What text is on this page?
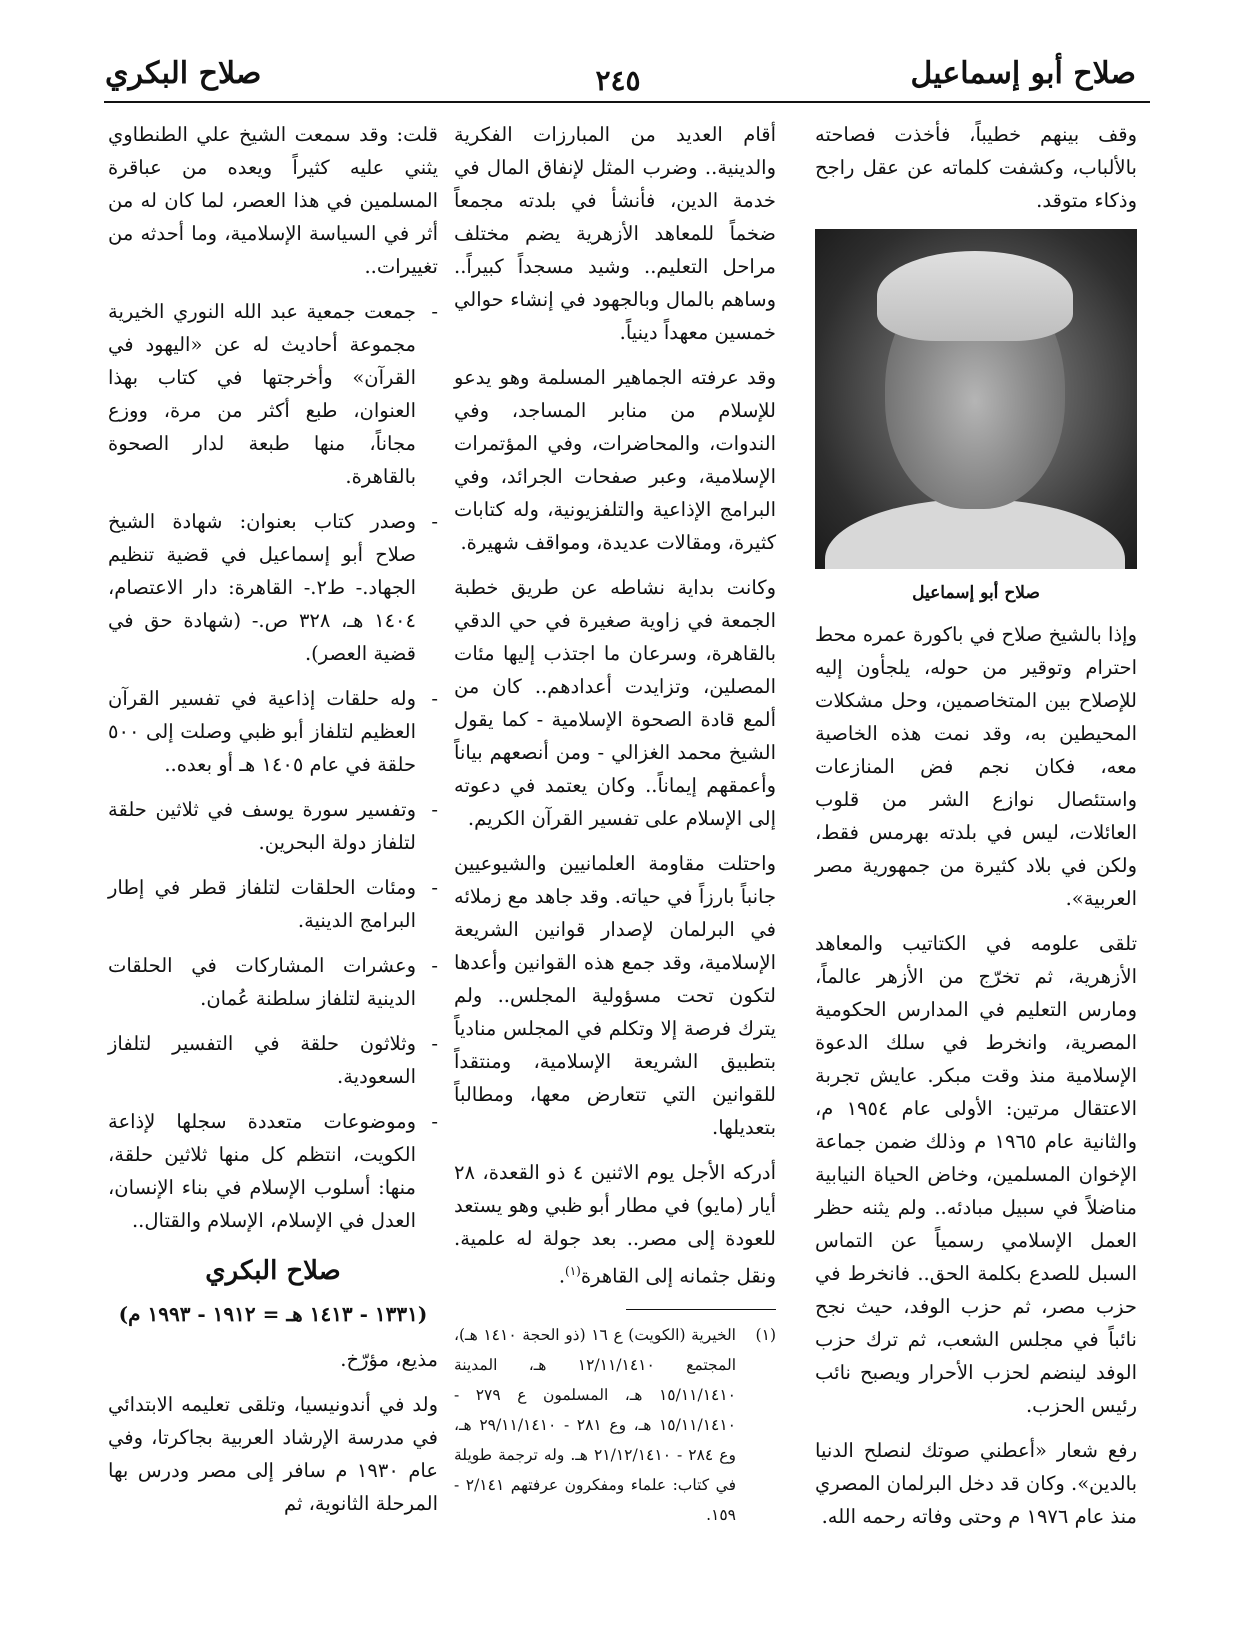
صلاح أبو إسماعيل
٢٤٥
صلاح البكري

وقف بينهم خطيباً، فأخذت فصاحته بالألباب، وكشفت كلماته عن عقل راجح وذكاء متوقد.

صلاح أبو إسماعيل

وإذا بالشيخ صلاح في باكورة عمره محط احترام وتوقير من حوله، يلجأون إليه للإصلاح بين المتخاصمين، وحل مشكلات المحيطين به، وقد نمت هذه الخاصية معه، فكان نجم فض المنازعات واستئصال نوازع الشر من قلوب العائلات، ليس في بلدته بهرمس فقط، ولكن في بلاد كثيرة من جمهورية مصر العربية».

تلقى علومه في الكتاتيب والمعاهد الأزهرية، ثم تخرّج من الأزهر عالماً، ومارس التعليم في المدارس الحكومية المصرية، وانخرط في سلك الدعوة الإسلامية منذ وقت مبكر. عايش تجربة الاعتقال مرتين: الأولى عام ١٩٥٤ م، والثانية عام ١٩٦٥ م وذلك ضمن جماعة الإخوان المسلمين، وخاض الحياة النيابية مناضلاً في سبيل مبادئه.. ولم يثنه حظر العمل الإسلامي رسمياً عن التماس السبل للصدع بكلمة الحق.. فانخرط في حزب مصر، ثم حزب الوفد، حيث نجح نائباً في مجلس الشعب، ثم ترك حزب الوفد لينضم لحزب الأحرار ويصبح نائب رئيس الحزب.

رفع شعار «أعطني صوتك لنصلح الدنيا بالدين». وكان قد دخل البرلمان المصري منذ عام ١٩٧٦ م وحتى وفاته رحمه الله.

أقام العديد من المبارزات الفكرية والدينية.. وضرب المثل لإنفاق المال في خدمة الدين، فأنشأ في بلدته مجمعاً ضخماً للمعاهد الأزهرية يضم مختلف مراحل التعليم.. وشيد مسجداً كبيراً.. وساهم بالمال وبالجهود في إنشاء حوالي خمسين معهداً دينياً.

وقد عرفته الجماهير المسلمة وهو يدعو للإسلام من منابر المساجد، وفي الندوات، والمحاضرات، وفي المؤتمرات الإسلامية، وعبر صفحات الجرائد، وفي البرامج الإذاعية والتلفزيونية، وله كتابات كثيرة، ومقالات عديدة، ومواقف شهيرة.

وكانت بداية نشاطه عن طريق خطبة الجمعة في زاوية صغيرة في حي الدقي بالقاهرة، وسرعان ما اجتذب إليها مئات المصلين، وتزايدت أعدادهم.. كان من ألمع قادة الصحوة الإسلامية - كما يقول الشيخ محمد الغزالي - ومن أنصعهم بياناً وأعمقهم إيماناً.. وكان يعتمد في دعوته إلى الإسلام على تفسير القرآن الكريم.

واحتلت مقاومة العلمانيين والشيوعيين جانباً بارزاً في حياته. وقد جاهد مع زملائه في البرلمان لإصدار قوانين الشريعة الإسلامية، وقد جمع هذه القوانين وأعدها لتكون تحت مسؤولية المجلس.. ولم يترك فرصة إلا وتكلم في المجلس منادياً بتطبيق الشريعة الإسلامية، ومنتقداً للقوانين التي تتعارض معها، ومطالباً بتعديلها.

أدركه الأجل يوم الاثنين ٤ ذو القعدة، ٢٨ أيار (مايو) في مطار أبو ظبي وهو يستعد للعودة إلى مصر.. بعد جولة له علمية. ونقل جثمانه إلى القاهرة$^{(١)}$.

(١)
الخيرية (الكويت) ع ١٦ (ذو الحجة ١٤١٠ هـ)، المجتمع ١٢/١١/١٤١٠ هـ، المدينة ١٥/١١/١٤١٠ هـ، المسلمون ع ٢٧٩ - ١٥/١١/١٤١٠ هـ، وع ٢٨١ - ٢٩/١١/١٤١٠ هـ، وع ٢٨٤ - ٢١/١٢/١٤١٠ هـ. وله ترجمة طويلة في كتاب: علماء ومفكرون عرفتهم ٢/١٤١ - ١٥٩.

قلت: وقد سمعت الشيخ علي الطنطاوي يثني عليه كثيراً ويعده من عباقرة المسلمين في هذا العصر، لما كان له من أثر في السياسة الإسلامية، وما أحدثه من تغييرات..

-
جمعت جمعية عبد الله النوري الخيرية مجموعة أحاديث له عن «اليهود في القرآن» وأخرجتها في كتاب بهذا العنوان، طبع أكثر من مرة، ووزع مجاناً، منها طبعة لدار الصحوة بالقاهرة.
-
وصدر كتاب بعنوان: شهادة الشيخ صلاح أبو إسماعيل في قضية تنظيم الجهاد.- ط٢.- القاهرة: دار الاعتصام، ١٤٠٤ هـ، ٣٢٨ ص.- (شهادة حق في قضية العصر).
-
وله حلقات إذاعية في تفسير القرآن العظيم لتلفاز أبو ظبي وصلت إلى ٥٠٠ حلقة في عام ١٤٠٥ هـ أو بعده..
-
وتفسير سورة يوسف في ثلاثين حلقة لتلفاز دولة البحرين.
-
ومئات الحلقات لتلفاز قطر في إطار البرامج الدينية.
-
وعشرات المشاركات في الحلقات الدينية لتلفاز سلطنة عُمان.
-
وثلاثون حلقة في التفسير لتلفاز السعودية.
-
وموضوعات متعددة سجلها لإذاعة الكويت، انتظم كل منها ثلاثين حلقة، منها: أسلوب الإسلام في بناء الإنسان، العدل في الإسلام، الإسلام والقتال..
صلاح البكري
(١٣٣١ - ١٤١٣ هـ = ١٩١٢ - ١٩٩٣ م)

مذيع، مؤرّخ.

ولد في أندونيسيا، وتلقى تعليمه الابتدائي في مدرسة الإرشاد العربية بجاكرتا، وفي عام ١٩٣٠ م سافر إلى مصر ودرس بها المرحلة الثانوية، ثم
